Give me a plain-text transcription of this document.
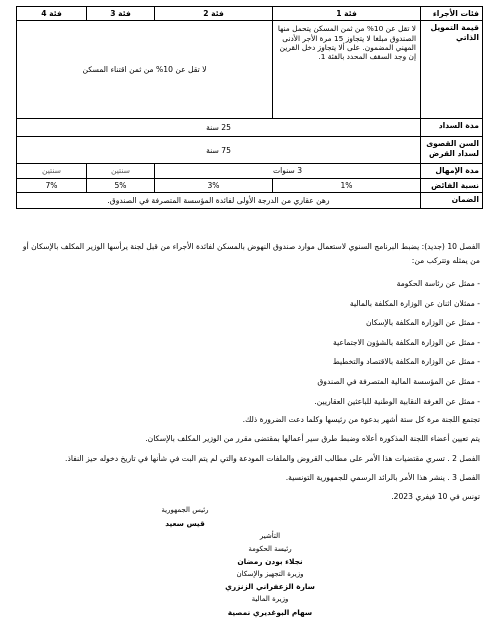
فئات الأجراء	فئة 1	فئة 2	فئة 3	فئة 4
قيمة التمويل الذاتي	لا تقل عن 10% من ثمن المسكن يتحمل منها الصندوق مبلغا لا يتجاوز 15 مرة الأجر الأدنى المهني المضمون. على ألا يتجاوز دخل القرين إن وجد السقف المحدد بالفئة 1.	لا تقل عن 10% من ثمن اقتناء المسكن		
مدة السداد	25 سنة			
السن القصوى لسداد القرض	75 سنة			
مدة الإمهال	3 سنوات		سنتين	سنتين
نسبة الفائض	1%	3%	5%	7%
الضمان	رهن عقاري من الدرجة الأولى لفائدة المؤسسة المتصرفة في الصندوق.			

الفصل 10 (جديد): يضبط البرنامج السنوي لاستعمال موارد صندوق النهوض بالمسكن لفائدة الأجراء من قبل لجنة يرأسها الوزير المكلف بالإسكان أو من يمثله وتتركب من:

- ممثل عن رئاسة الحكومة
- ممثلان اثنان عن الوزارة المكلفة بالمالية
- ممثل عن الوزارة المكلفة بالإسكان
- ممثل عن الوزارة المكلفة بالشؤون الاجتماعية
- ممثل عن الوزارة المكلفة بالاقتصاد والتخطيط
- ممثل عن المؤسسة المالية المتصرفة في الصندوق
- ممثل عن الغرفة النقابية الوطنية للباعثين العقاريين.

تجتمع اللجنة مرة كل ستة أشهر بدعوة من رئيسها وكلما دعت الضرورة ذلك.

يتم تعيين أعضاء اللجنة المذكورة أعلاه وضبط طرق سير أعمالها بمقتضى مقرر من الوزير المكلف بالإسكان.

الفصل 2 . تسري مقتضيات هذا الأمر على مطالب القروض والملفات المودعة والتي لم يتم البت في شأنها في تاريخ دخوله حيز النفاذ.

الفصل 3 . ينشر هذا الأمر بالرائد الرسمي للجمهورية التونسية.

تونس في 10 فيفري 2023.

رئيس الجمهورية
قيس سعيد
التأشير
رئيسة الحكومة
نجلاء بودن رمضان
وزيرة التجهيز والإسكان
سارة الزعفراني الزنزري
وزيرة المالية
سهام البوغديري نمصية
